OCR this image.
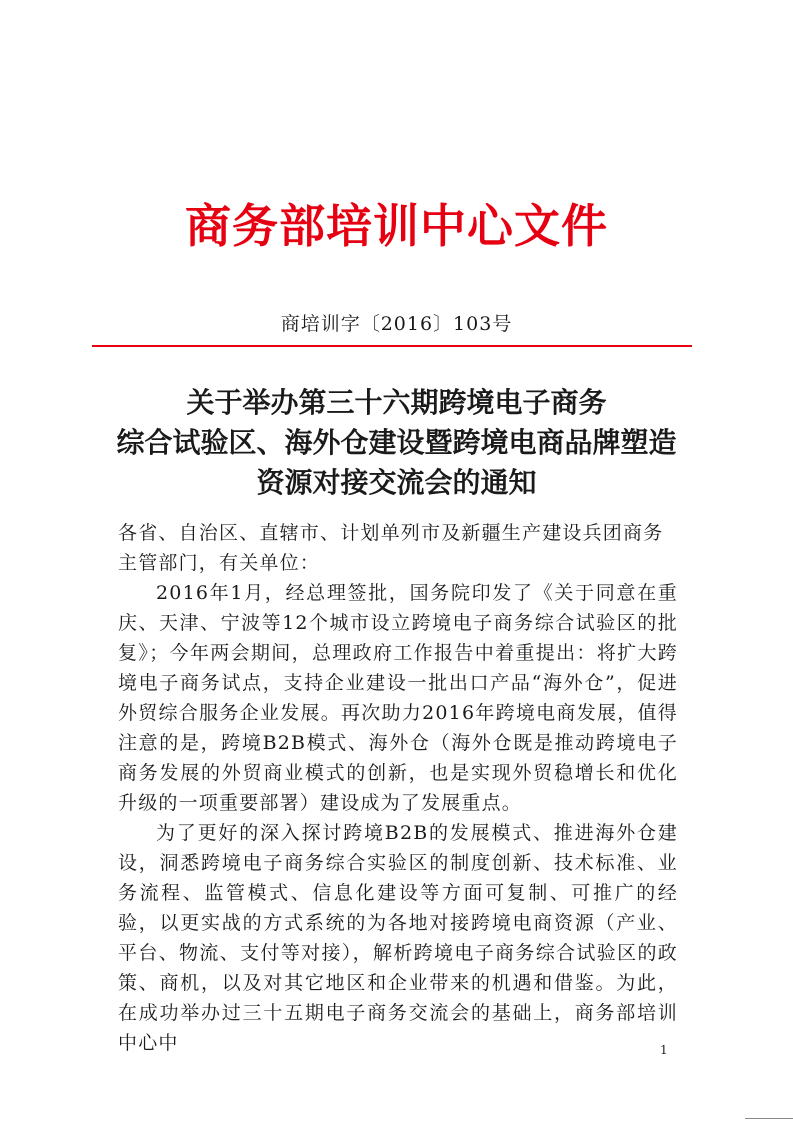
商务部培训中心文件
商培训字〔2016〕103号
关于举办第三十六期跨境电子商务
综合试验区、海外仓建设暨跨境电商品牌塑造
资源对接交流会的通知

各省、自治区、直辖市、计划单列市及新疆生产建设兵团商务主管部门，有关单位：

2016年1月，经总理签批，国务院印发了《关于同意在重庆、天津、宁波等12个城市设立跨境电子商务综合试验区的批复》；今年两会期间，总理政府工作报告中着重提出：将扩大跨境电子商务试点，支持企业建设一批出口产品“海外仓”，促进外贸综合服务企业发展。再次助力2016年跨境电商发展，值得注意的是，跨境B2B模式、海外仓（海外仓既是推动跨境电子商务发展的外贸商业模式的创新，也是实现外贸稳增长和优化升级的一项重要部署）建设成为了发展重点。

为了更好的深入探讨跨境B2B的发展模式、推进海外仓建设，洞悉跨境电子商务综合实验区的制度创新、技术标准、业务流程、监管模式、信息化建设等方面可复制、可推广的经验，以更实战的方式系统的为各地对接跨境电商资源（产业、平台、物流、支付等对接），解析跨境电子商务综合试验区的政策、商机，以及对其它地区和企业带来的机遇和借鉴。为此，在成功举办过三十五期电子商务交流会的基础上，商务部培训中心中	1
